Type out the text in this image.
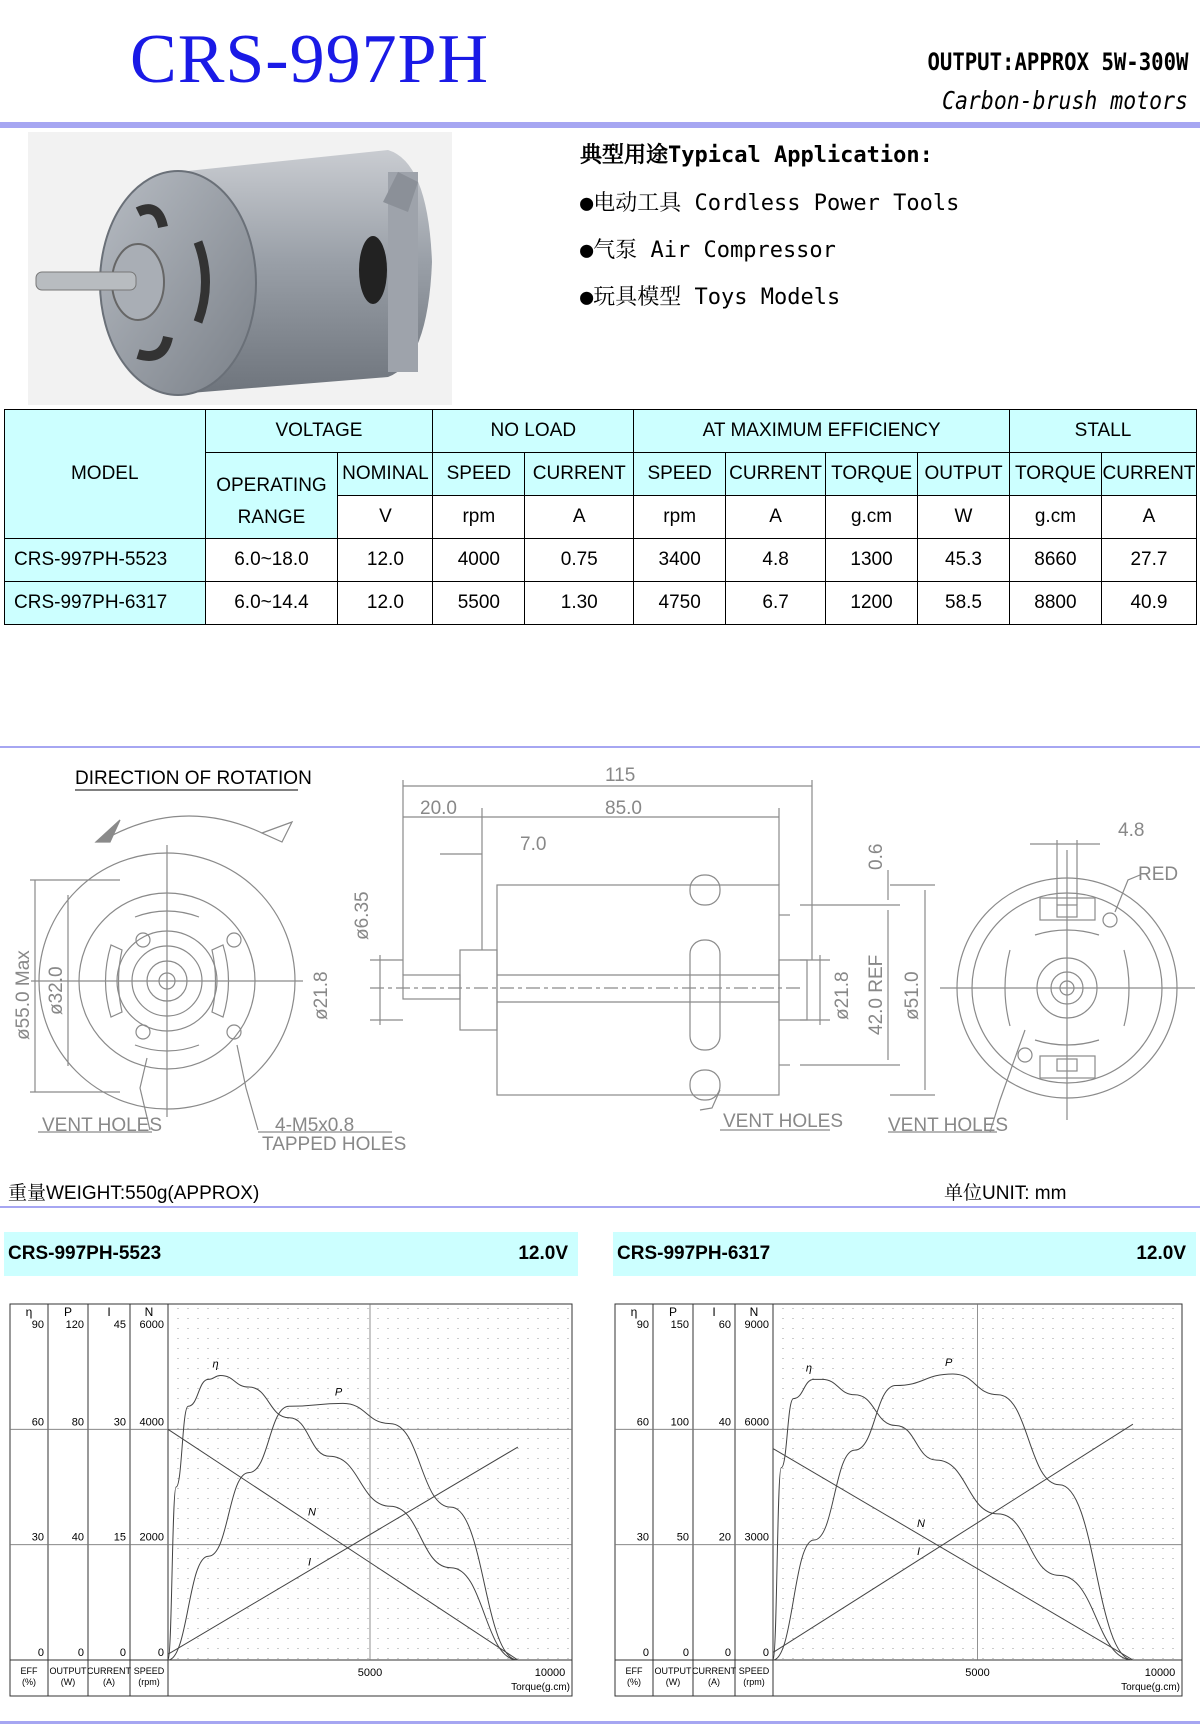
CRS-997PH	OUTPUT:APPROX 5W-300W
Carbon-brush motors
典型用途Typical Application:
●电动工具 Cordless Power Tools
●气泵 Air Compressor
●玩具模型 Toys Models
MODEL	VOLTAGE		NO LOAD		AT MAXIMUM EFFICIENCY				STALL	

	OPERATING
RANGE	NOMINAL	SPEED	CURRENT	SPEED	CURRENT	TORQUE	OUTPUT	TORQUE	CURRENT
		V	rpm	A	rpm	A	g.cm	W	g.cm	A
CRS-997PH-5523	6.0~18.0	12.0	4000	0.75	3400	4.8	1300	45.3	8660	27.7
CRS-997PH-6317	6.0~14.4	12.0	5500	1.30	4750	6.7	1200	58.5	8800	40.9
DIRECTION OF ROTATION	115
20.0	85.0
7.0
4.8
RED
0.6
ø6.35
ø21.8	ø21.8 42.0 REF ø51.0
ø55.0 Max ø32.0
VENT HOLES	4-M5x0.8
TAPPED HOLES
VENT HOLES VENT HOLES
重量WEIGHT:550g(APPROX)	单位UNIT: mm
CRS-997PH-5523	12.0V	CRS-997PH-6317	12.0V
η
90
60
30
0
P
120
80
40
0
I
45
30
15
0
N
6000
4000
2000
0
EFF
(%)
OUTPUT
(W)
CURRENT
(A)
SPEED
(rpm)
5000	10000
Torque(g.cm)
N
I
P
η
η
90
60
30
0
P
150
100
50
0
I
60
40
20
0
N
9000
6000
3000
0
EFF
(%)
OUTPUT
(W)
CURRENT
(A)
SPEED
(rpm)
5000	10000
Torque(g.cm)
N
I
P
η
